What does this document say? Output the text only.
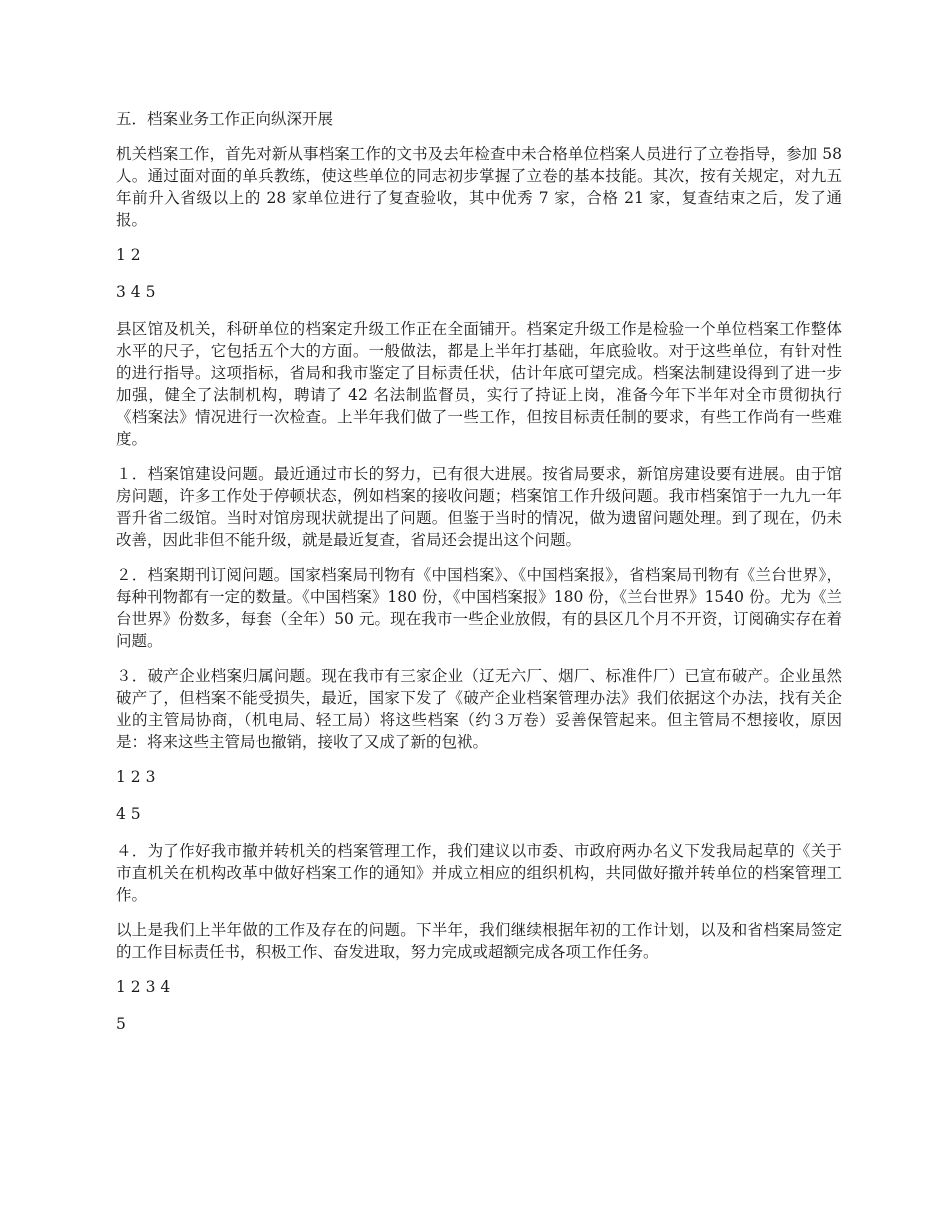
五．档案业务工作正向纵深开展

机关档案工作，首先对新从事档案工作的文书及去年检查中未合格单位档案人员进行了立卷指导，参加 58 人。通过面对面的单兵教练，使这些单位的同志初步掌握了立卷的基本技能。其次，按有关规定，对九五年前升入省级以上的 28 家单位进行了复查验收，其中优秀 7 家，合格 21 家，复查结束之后，发了通报。

1 2

3 4 5

县区馆及机关，科研单位的档案定升级工作正在全面铺开。档案定升级工作是检验一个单位档案工作整体水平的尺子，它包括五个大的方面。一般做法，都是上半年打基础，年底验收。对于这些单位，有针对性的进行指导。这项指标，省局和我市鉴定了目标责任状，估计年底可望完成。档案法制建设得到了进一步加强，健全了法制机构，聘请了 42 名法制监督员，实行了持证上岗，准备今年下半年对全市贯彻执行《档案法》情况进行一次检查。上半年我们做了一些工作，但按目标责任制的要求，有些工作尚有一些难度。

１．档案馆建设问题。最近通过市长的努力，已有很大进展。按省局要求，新馆房建设要有进展。由于馆房问题，许多工作处于停顿状态，例如档案的接收问题；档案馆工作升级问题。我市档案馆于一九九一年晋升省二级馆。当时对馆房现状就提出了问题。但鉴于当时的情况，做为遗留问题处理。到了现在，仍未改善，因此非但不能升级，就是最近复查，省局还会提出这个问题。

２．档案期刊订阅问题。国家档案局刊物有《中国档案》、《中国档案报》，省档案局刊物有《兰台世界》，每种刊物都有一定的数量。《中国档案》180 份，《中国档案报》180 份，《兰台世界》1540 份。尤为《兰台世界》份数多，每套（全年）50 元。现在我市一些企业放假，有的县区几个月不开资，订阅确实存在着问题。

３．破产企业档案归属问题。现在我市有三家企业（辽无六厂、烟厂、标准件厂）已宣布破产。企业虽然破产了，但档案不能受损失，最近，国家下发了《破产企业档案管理办法》我们依据这个办法，找有关企业的主管局协商，（机电局、轻工局）将这些档案（约３万卷）妥善保管起来。但主管局不想接收，原因是：将来这些主管局也撤销，接收了又成了新的包袱。

1 2 3

4 5

４．为了作好我市撤并转机关的档案管理工作，我们建议以市委、市政府两办名义下发我局起草的《关于市直机关在机构改革中做好档案工作的通知》并成立相应的组织机构，共同做好撤并转单位的档案管理工作。

以上是我们上半年做的工作及存在的问题。下半年，我们继续根据年初的工作计划，以及和省档案局签定的工作目标责任书，积极工作、奋发进取，努力完成或超额完成各项工作任务。

1 2 3 4

5
